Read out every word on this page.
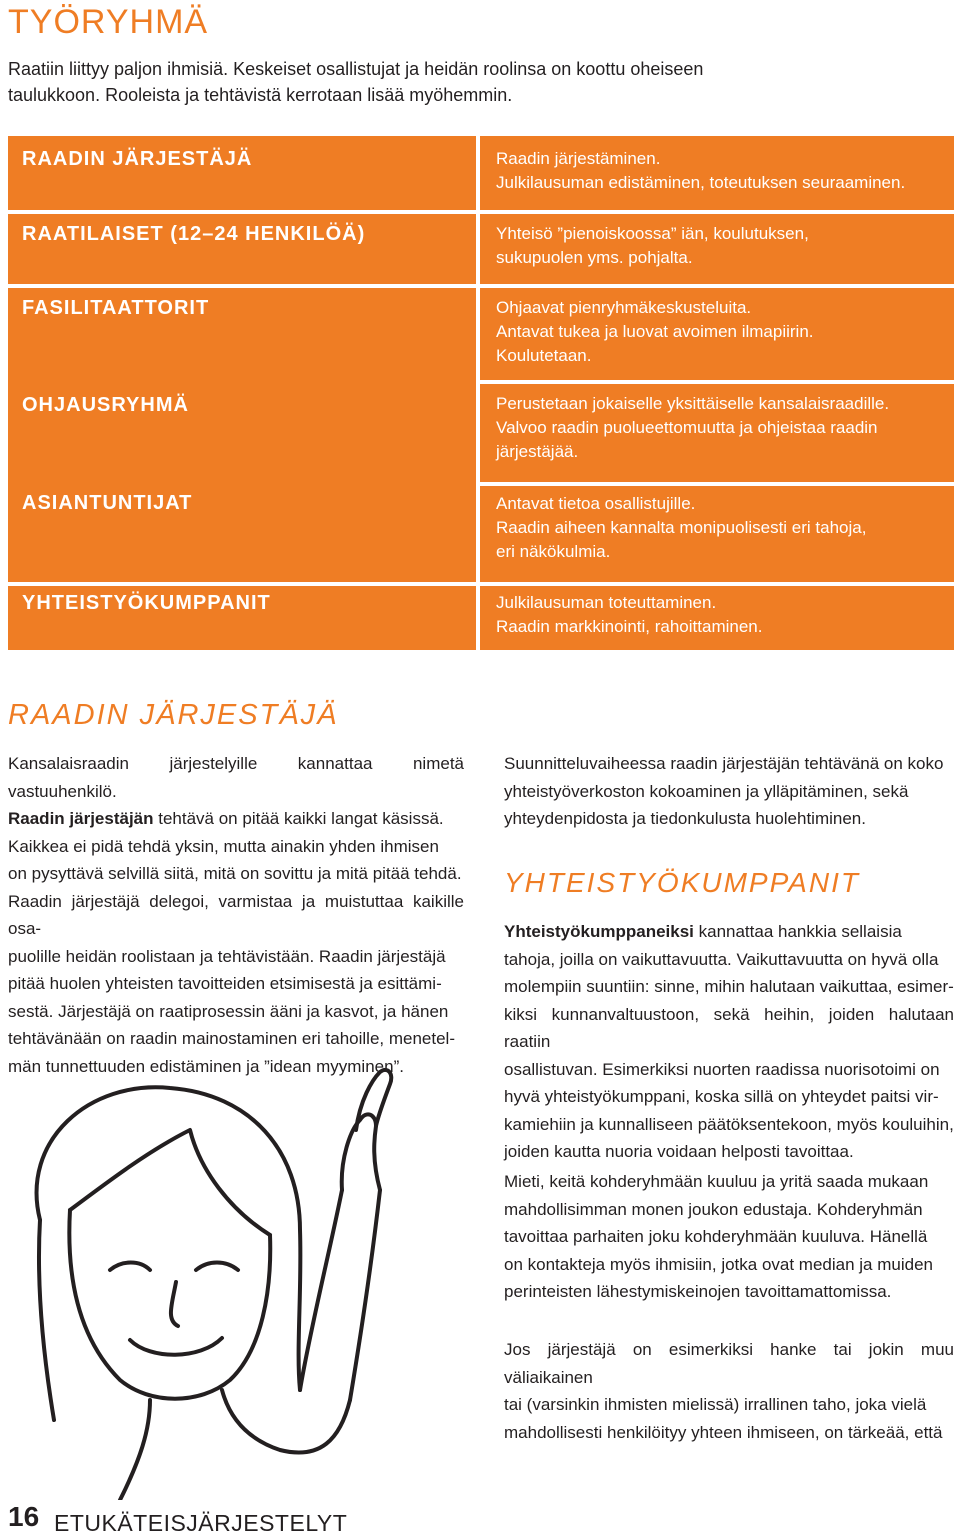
TYÖRYHMÄ

Raatiin liittyy paljon ihmisiä. Keskeiset osallistujat ja heidän roolinsa on koottu oheiseen
taulukkoon. Rooleista ja tehtävistä kerrotaan lisää myöhemmin.

RAADIN JÄRJESTÄJÄ

RAATILAISET (12–24 HENKILÖÄ)

FASILITAATTORIT

OHJAUSRYHMÄ

ASIANTUNTIJAT

YHTEISTYÖKUMPPANIT

Raadin järjestäminen.
Julkilausuman edistäminen, toteutuksen seuraaminen.

Yhteisö ”pienoiskoossa” iän, koulutuksen,
sukupuolen yms. pohjalta.

Ohjaavat pienryhmäkeskusteluita.
Antavat tukea ja luovat avoimen ilmapiirin.
Koulutetaan.

Perustetaan jokaiselle yksittäiselle kansalaisraadille.
Valvoo raadin puolueettomuutta ja ohjeistaa raadin
järjestäjää.

Antavat tietoa osallistujille.
Raadin aiheen kannalta monipuolisesti eri tahoja,
eri näkökulmia.

Julkilausuman toteuttaminen.
Raadin markkinointi, rahoittaminen.

RAADIN JÄRJESTÄJÄ
Kansalaisraadin järjestelyille kannattaa nimetä vastuuhenkilö.
Raadin järjestäjän tehtävä on pitää kaikki langat käsissä.
Kaikkea ei pidä tehdä yksin, mutta ainakin yhden ihmisen
on pysyttävä selvillä siitä, mitä on sovittu ja mitä pitää tehdä.
Raadin järjestäjä delegoi, varmistaa ja muistuttaa kaikille osa-
puolille heidän roolistaan ja tehtävistään. Raadin järjestäjä
pitää huolen yhteisten tavoitteiden etsimisestä ja esittämi-
sestä. Järjestäjä on raatiprosessin ääni ja kasvot, ja hänen
tehtävänään on raadin mainostaminen eri tahoille, menetel-
män tunnettuuden edistäminen ja ”idean myyminen”.
Suunnitteluvaiheessa raadin järjestäjän tehtävänä on koko
yhteistyöverkoston kokoaminen ja ylläpitäminen, sekä
yhteydenpidosta ja tiedonkulusta huolehtiminen.
YHTEISTYÖKUMPPANIT
Yhteistyökumppaneiksi kannattaa hankkia sellaisia
tahoja, joilla on vaikuttavuutta. Vaikuttavuutta on hyvä olla
molempiin suuntiin: sinne, mihin halutaan vaikuttaa, esimer-
kiksi kunnanvaltuustoon, sekä heihin, joiden halutaan raatiin
osallistuvan. Esimerkiksi nuorten raadissa nuorisotoimi on
hyvä yhteistyökumppani, koska sillä on yhteydet paitsi vir-
kamiehiin ja kunnalliseen päätöksentekoon, myös kouluihin,
joiden kautta nuoria voidaan helposti tavoittaa.
Mieti, keitä kohderyhmään kuuluu ja yritä saada mukaan
mahdollisimman monen joukon edustaja. Kohderyhmän
tavoittaa parhaiten joku kohderyhmään kuuluva. Hänellä
on kontakteja myös ihmisiin, jotka ovat median ja muiden
perinteisten lähestymiskeinojen tavoittamattomissa.
Jos järjestäjä on esimerkiksi hanke tai jokin muu väliaikainen
tai (varsinkin ihmisten mielissä) irrallinen taho, joka vielä
mahdollisesti henkilöityy yhteen ihmiseen, on tärkeää, että

16 ETUKÄTEISJÄRJESTELYT
